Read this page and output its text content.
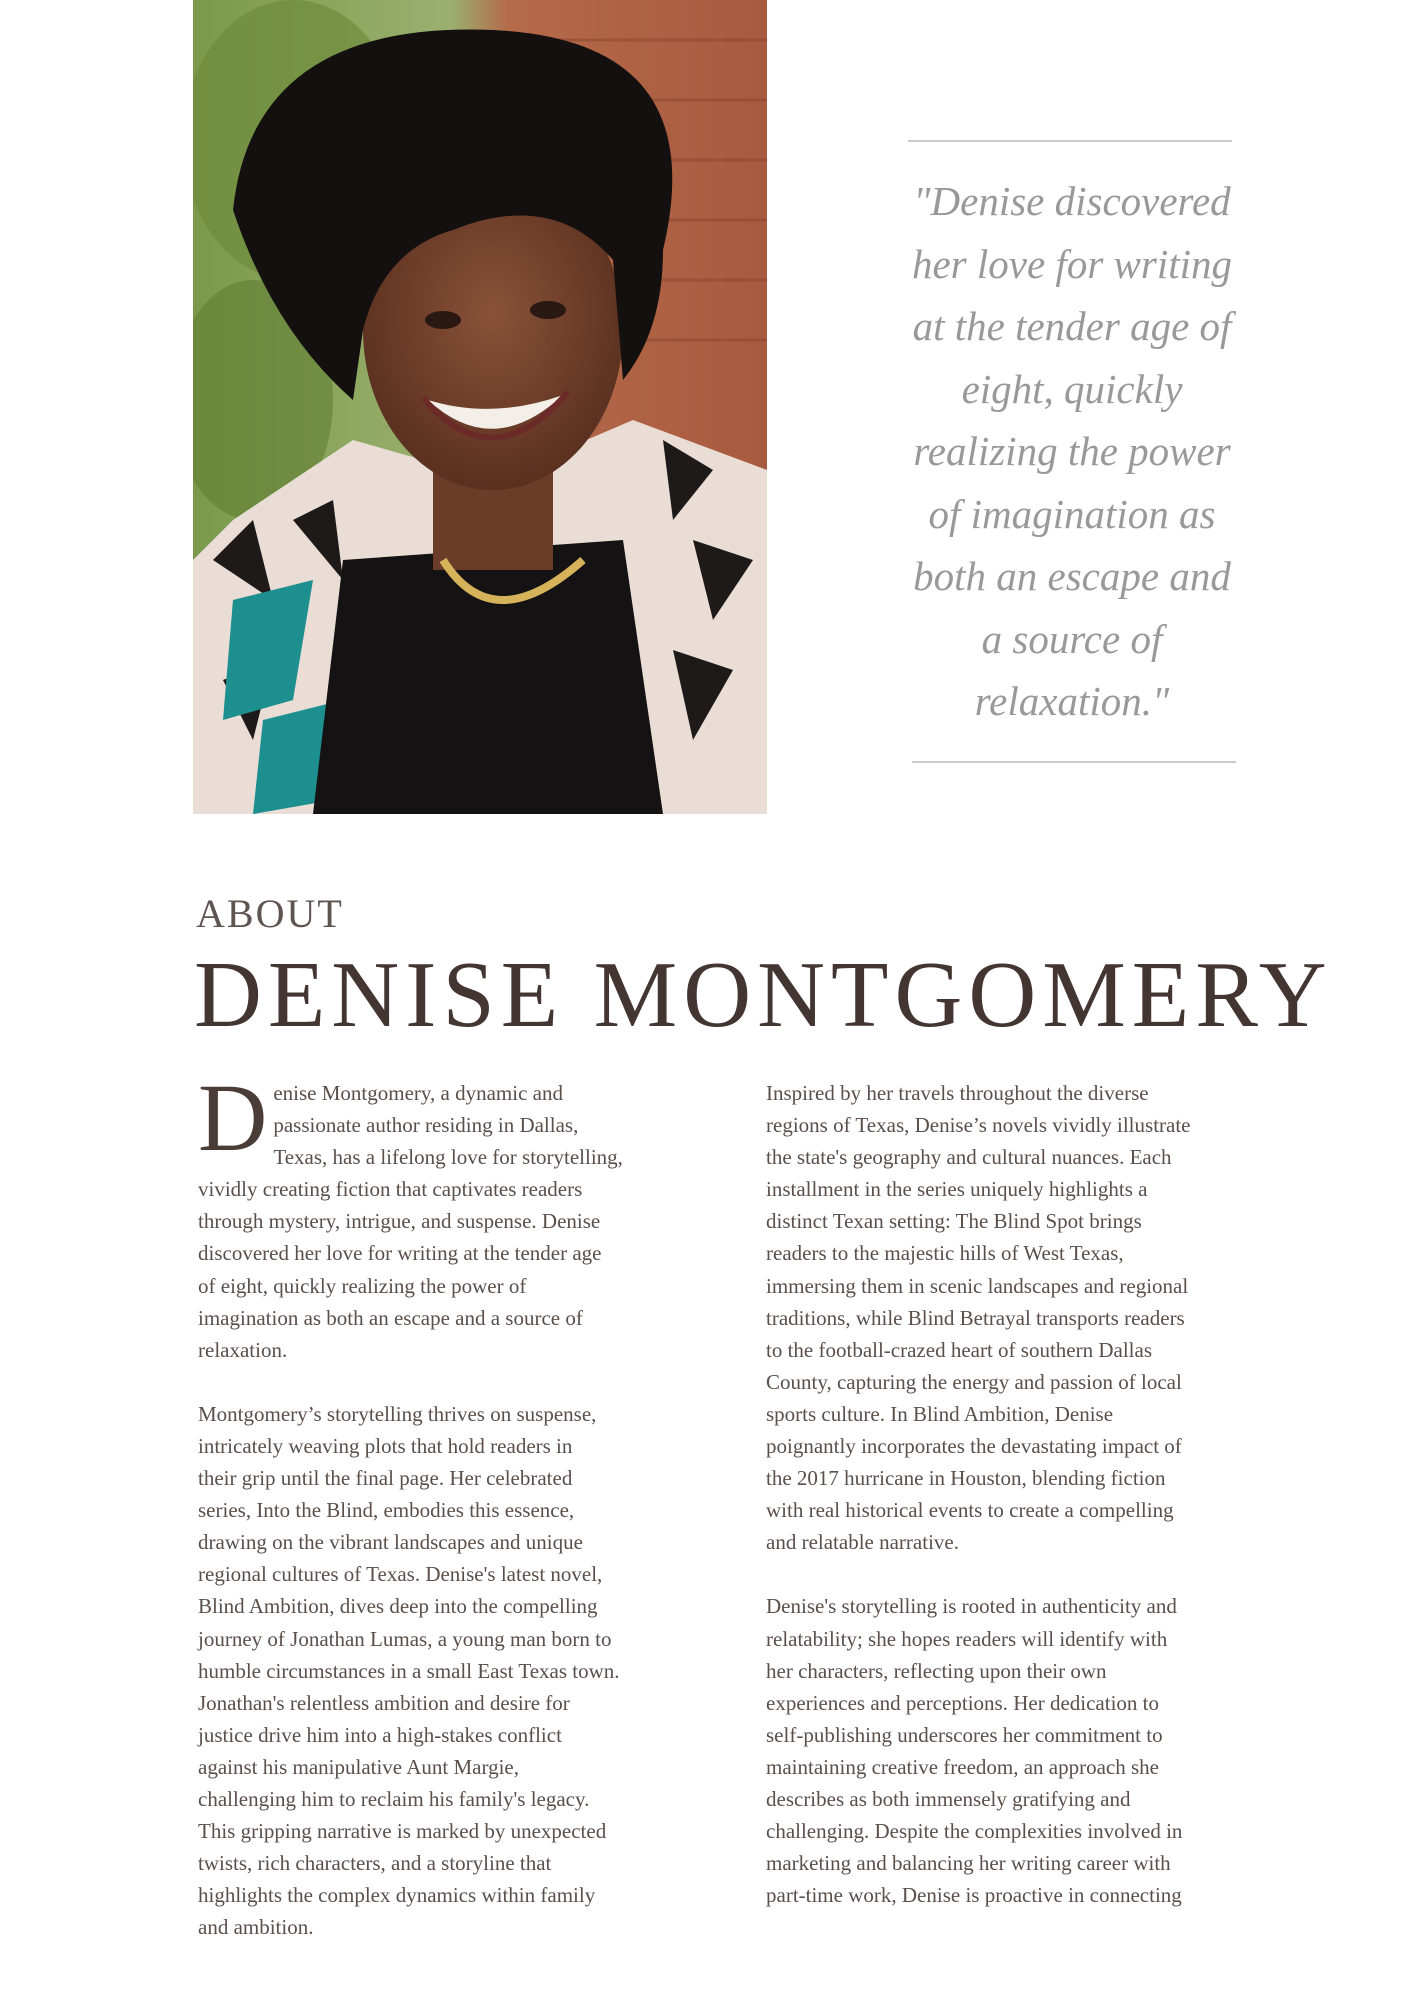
"Denise discovered
her love for writing
at the tender age of
eight, quickly
realizing the power
of imagination as
both an escape and
a source of
relaxation."
ABOUT
DENISE MONTGOMERY
D enise Montgomery, a dynamic and
passionate author residing in Dallas,
Texas, has a lifelong love for storytelling,
vividly creating fiction that captivates readers
through mystery, intrigue, and suspense. Denise
discovered her love for writing at the tender age
of eight, quickly realizing the power of
imagination as both an escape and a source of
relaxation.
Montgomery’s storytelling thrives on suspense,
intricately weaving plots that hold readers in
their grip until the final page. Her celebrated
series, Into the Blind, embodies this essence,
drawing on the vibrant landscapes and unique
regional cultures of Texas. Denise's latest novel,
Blind Ambition, dives deep into the compelling
journey of Jonathan Lumas, a young man born to
humble circumstances in a small East Texas town.
Jonathan's relentless ambition and desire for
justice drive him into a high-stakes conflict
against his manipulative Aunt Margie,
challenging him to reclaim his family's legacy.
This gripping narrative is marked by unexpected
twists, rich characters, and a storyline that
highlights the complex dynamics within family
and ambition.
Inspired by her travels throughout the diverse
regions of Texas, Denise’s novels vividly illustrate
the state's geography and cultural nuances. Each
installment in the series uniquely highlights a
distinct Texan setting: The Blind Spot brings
readers to the majestic hills of West Texas,
immersing them in scenic landscapes and regional
traditions, while Blind Betrayal transports readers
to the football-crazed heart of southern Dallas
County, capturing the energy and passion of local
sports culture. In Blind Ambition, Denise
poignantly incorporates the devastating impact of
the 2017 hurricane in Houston, blending fiction
with real historical events to create a compelling
and relatable narrative.
Denise's storytelling is rooted in authenticity and
relatability; she hopes readers will identify with
her characters, reflecting upon their own
experiences and perceptions. Her dedication to
self-publishing underscores her commitment to
maintaining creative freedom, an approach she
describes as both immensely gratifying and
challenging. Despite the complexities involved in
marketing and balancing her writing career with
part-time work, Denise is proactive in connecting
